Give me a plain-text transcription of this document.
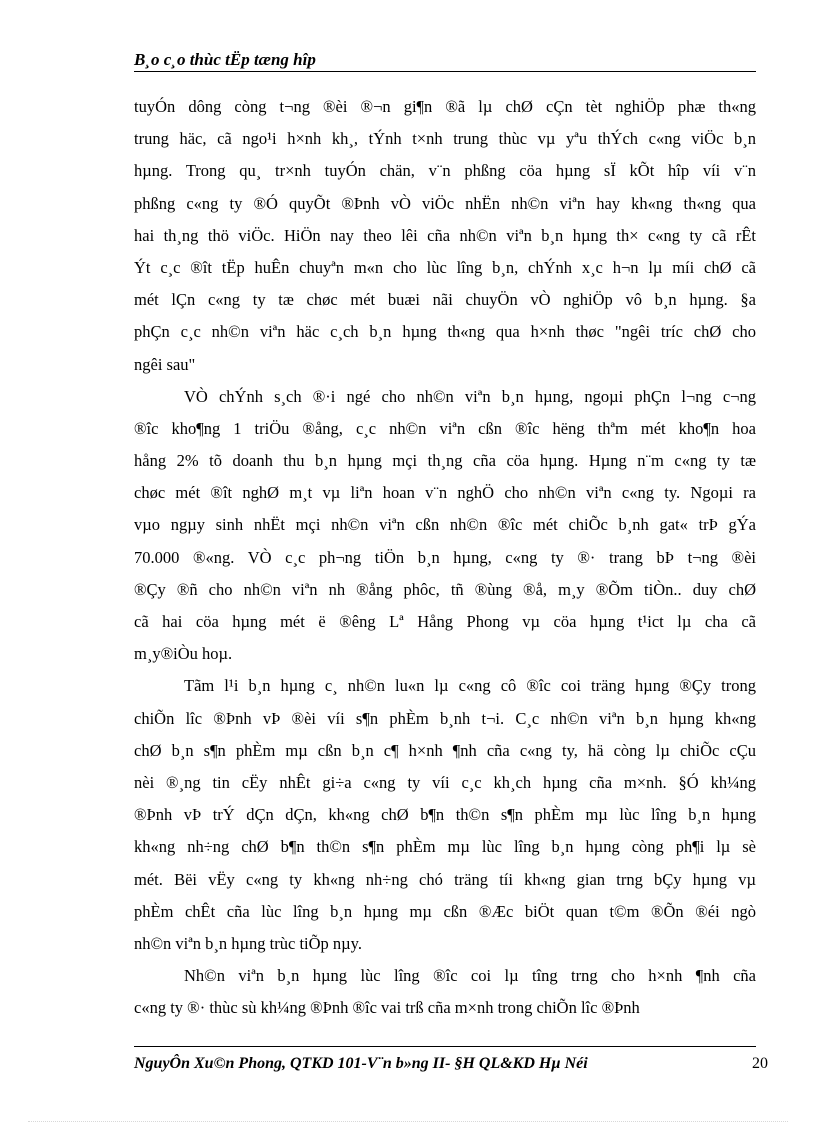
B¸o c¸o thùc tËp tæng hîp
tuyÓn dông còng t¬ng ®èi ®¬n gi¶n ®ã lµ chØ cÇn tèt nghiÖp phæ th«ng
trung häc, cã ngo¹i h×nh kh¸, tÝnh t×nh trung thùc vµ yªu thÝch c«ng viÖc b¸n
hµng. Trong qu¸ tr×nh tuyÓn chän, v¨n phßng cöa hµng sÏ kÕt hîp víi v¨n
phßng c«ng ty ®Ó quyÕt ®Þnh vÒ viÖc nhËn nh©n viªn hay kh«ng th«ng qua
hai th¸ng thö viÖc. HiÖn nay theo lêi cña nh©n viªn b¸n hµng th× c«ng ty cã rÊt
Ýt c¸c ®ît tËp huÊn chuyªn m«n cho lùc lîng b¸n, chÝnh x¸c h¬n lµ míi chØ cã
mét lÇn c«ng ty tæ chøc mét buæi nãi chuyÖn vÒ nghiÖp vô b¸n hµng. §a
phÇn c¸c nh©n viªn häc c¸ch b¸n hµng th«ng qua h×nh thøc "ngêi tríc chØ cho
ngêi sau"
VÒ chÝnh s¸ch ®·i ngé cho nh©n viªn b¸n hµng, ngoµi phÇn l¬ng c¬ng
®îc kho¶ng 1 triÖu ®ång, c¸c nh©n viªn cßn ®îc hëng thªm mét kho¶n hoa
hång 2% tõ doanh thu b¸n hµng mçi th¸ng cña cöa hµng. Hµng n¨m c«ng ty tæ
chøc mét ®ît nghØ m¸t vµ liªn hoan v¨n nghÖ cho nh©n viªn c«ng ty. Ngoµi ra
vµo ngµy sinh nhËt mçi nh©n viªn cßn nh©n ®îc mét chiÕc b¸nh gat« trÞ gÝa
70.000 ®«ng. VÒ c¸c ph¬ng tiÖn b¸n hµng, c«ng ty ®· trang bÞ t¬ng ®èi
®Çy ®ñ cho nh©n viªn nh ®ång phôc, tñ ®ùng ®å, m¸y ®Õm tiÒn.. duy chØ
cã hai cöa hµng mét ë ®êng Lª Hång Phong vµ cöa hµng t¹ict lµ cha cã
m¸y®iÒu hoµ.
Tãm l¹i b¸n hµng c¸ nh©n lu«n lµ c«ng cô ®îc coi träng hµng ®Çy trong
chiÕn lîc ®Þnh vÞ ®èi víi s¶n phÈm b¸nh t¬i. C¸c nh©n viªn b¸n hµng kh«ng
chØ b¸n s¶n phÈm mµ cßn b¸n c¶ h×nh ¶nh cña c«ng ty, hä còng lµ chiÕc cÇu
nèi ®¸ng tin cËy nhÊt gi÷a c«ng ty víi c¸c kh¸ch hµng cña m×nh. §Ó kh¼ng
®Þnh vÞ trÝ dÇn dÇn, kh«ng chØ b¶n th©n s¶n phÈm mµ lùc lîng b¸n hµng
kh«ng nh÷ng chØ b¶n th©n s¶n phÈm mµ lùc lîng b¸n hµng còng ph¶i lµ sè
mét. Bëi vËy c«ng ty kh«ng nh÷ng chó träng tíi kh«ng gian trng bÇy hµng vµ
phÈm chÊt cña lùc lîng b¸n hµng mµ cßn ®Æc biÖt quan t©m ®Õn ®éi ngò
nh©n viªn b¸n hµng trùc tiÕp nµy.
Nh©n viªn b¸n hµng lùc lîng ®îc coi lµ tîng trng cho h×nh ¶nh cña
c«ng ty ®· thùc sù kh¼ng ®Þnh ®îc vai trß cña m×nh trong chiÕn lîc ®Þnh
NguyÔn Xu©n Phong, QTKD 101-V¨n b»ng II- §H QL&KD Hµ Néi	20
